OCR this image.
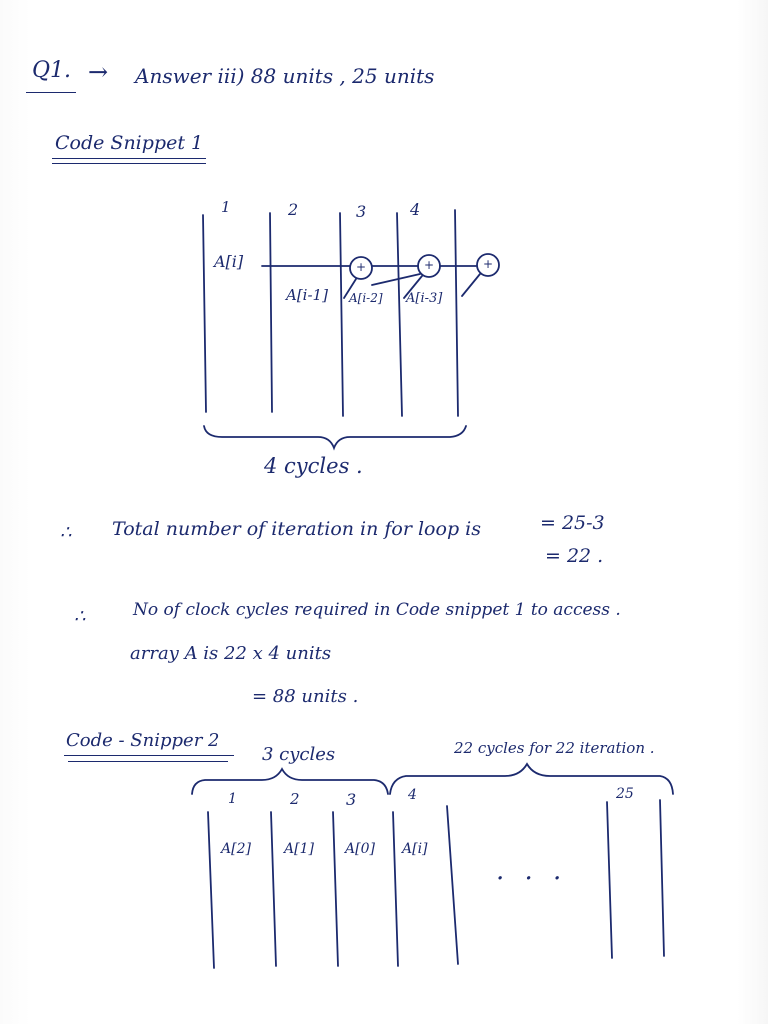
Q1. → Answer iii) 88 units , 25 units
Code Snippet 1
1	2	3	4
A[i]
A[i-1] A[i-2] A[i-3]
+	+	+
4 cycles .
∴ Total number of iteration in for loop is	= 25-3
= 22 .
∴	No of clock cycles required in Code snippet 1 to access .
array A is 22 x 4 units
= 88 units .
Code - Snipper 2
3 cycles	22 cycles for 22 iteration .
1	2	3	4	25
A[2] A[1] A[0] A[i]
. . .
